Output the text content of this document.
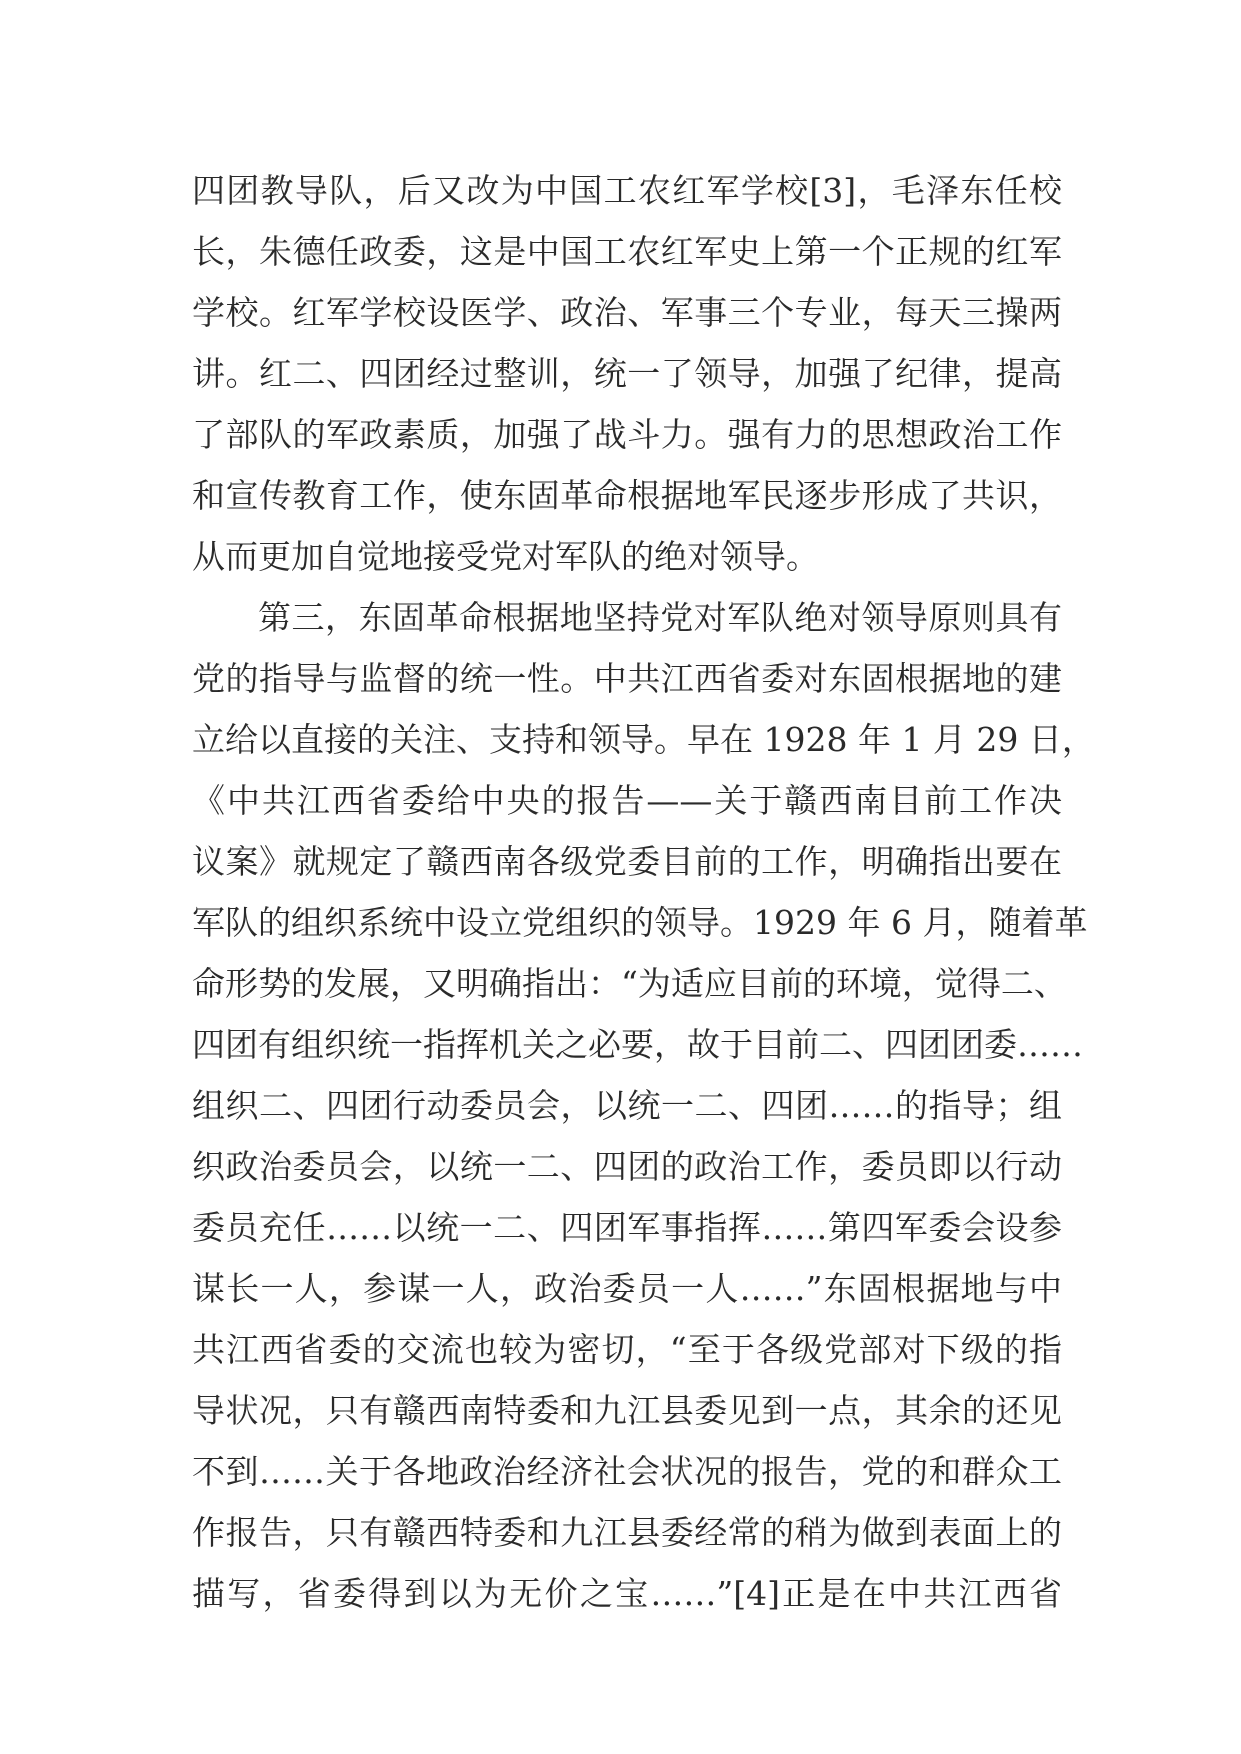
四团教导队，后又改为中国工农红军学校[3]，毛泽东任校
长，朱德任政委，这是中国工农红军史上第一个正规的红军
学校。红军学校设医学、政治、军事三个专业，每天三操两
讲。红二、四团经过整训，统一了领导，加强了纪律，提高
了部队的军政素质，加强了战斗力。强有力的思想政治工作
和宣传教育工作，使东固革命根据地军民逐步形成了共识，
从而更加自觉地接受党对军队的绝对领导。
第三，东固革命根据地坚持党对军队绝对领导原则具有
党的指导与监督的统一性。中共江西省委对东固根据地的建
立给以直接的关注、支持和领导。早在 1928 年 1 月 29 日，
《中共江西省委给中央的报告——关于赣西南目前工作决
议案》就规定了赣西南各级党委目前的工作，明确指出要在
军队的组织系统中设立党组织的领导。1929 年 6 月，随着革
命形势的发展，又明确指出：“为适应目前的环境，觉得二、
四团有组织统一指挥机关之必要，故于目前二、四团团委……
组织二、四团行动委员会，以统一二、四团……的指导；组
织政治委员会，以统一二、四团的政治工作，委员即以行动
委员充任……以统一二、四团军事指挥……第四军委会设参
谋长一人，参谋一人，政治委员一人……”东固根据地与中
共江西省委的交流也较为密切，“至于各级党部对下级的指
导状况，只有赣西南特委和九江县委见到一点，其余的还见
不到……关于各地政治经济社会状况的报告，党的和群众工
作报告，只有赣西特委和九江县委经常的稍为做到表面上的
描写，省委得到以为无价之宝……”[4]正是在中共江西省
